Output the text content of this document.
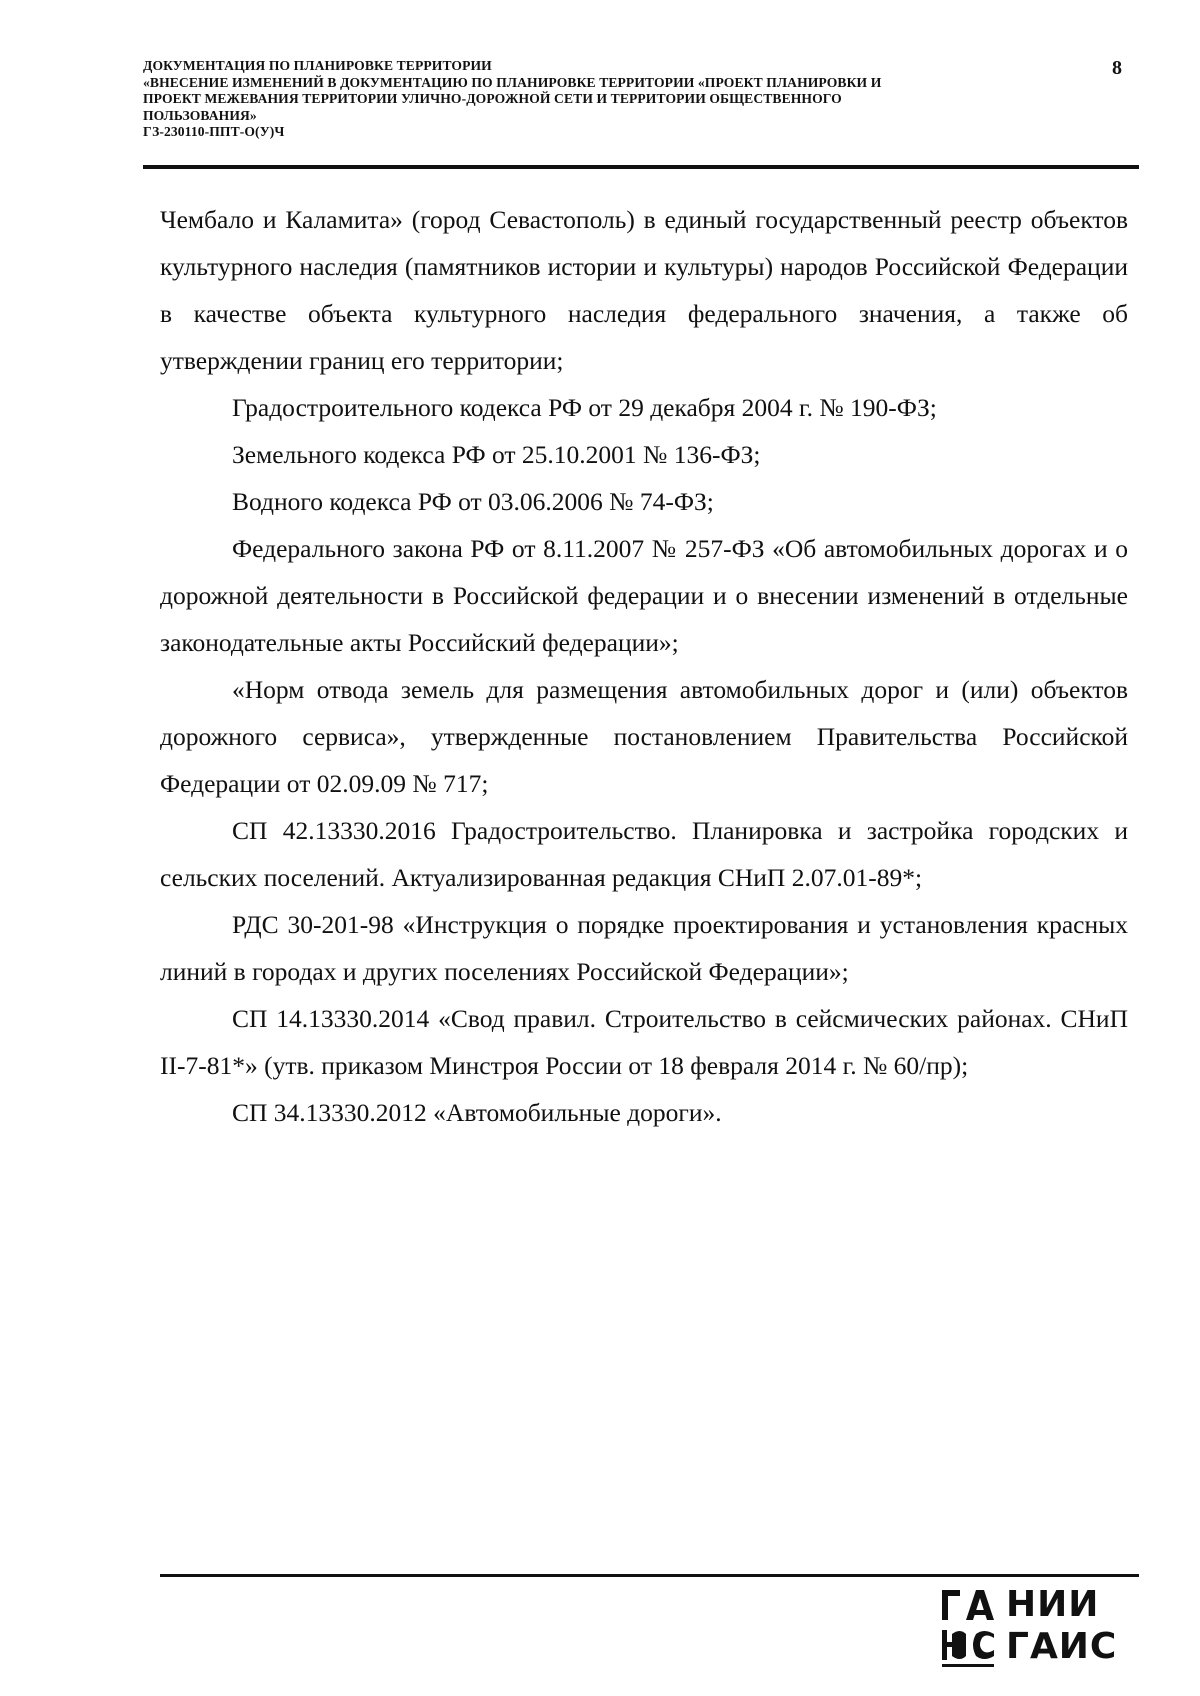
ДОКУМЕНТАЦИЯ ПО ПЛАНИРОВКЕ ТЕРРИТОРИИ
«ВНЕСЕНИЕ ИЗМЕНЕНИЙ В ДОКУМЕНТАЦИЮ ПО ПЛАНИРОВКЕ ТЕРРИТОРИИ «ПРОЕКТ ПЛАНИРОВКИ И
ПРОЕКТ МЕЖЕВАНИЯ ТЕРРИТОРИИ УЛИЧНО-ДОРОЖНОЙ СЕТИ И ТЕРРИТОРИИ ОБЩЕСТВЕННОГО
ПОЛЬЗОВАНИЯ»
ГЗ-230110-ППТ-О(У)Ч
8

Чембало и Каламита» (город Севастополь) в единый государственный реестр объектов культурного наследия (памятников истории и культуры) народов Российской Федерации в качестве объекта культурного наследия федерального значения, а также об утверждении границ его территории;

Градостроительного кодекса РФ от 29 декабря 2004 г. № 190-ФЗ;

Земельного кодекса РФ от 25.10.2001 № 136-ФЗ;

Водного кодекса РФ от 03.06.2006 № 74-ФЗ;

Федерального закона РФ от 8.11.2007 № 257-ФЗ «Об автомобильных дорогах и о дорожной деятельности в Российской федерации и о внесении изменений в отдельные законодательные акты Российский федерации»;

«Норм отвода земель для размещения автомобильных дорог и (или) объектов дорожного сервиса», утвержденные постановлением Правительства Российской Федерации от 02.09.09 № 717;

СП 42.13330.2016 Градостроительство. Планировка и застройка городских и сельских поселений. Актуализированная редакция СНиП 2.07.01-89*;

РДС 30-201-98 «Инструкция о порядке проектирования и установления красных линий в городах и других поселениях Российской Федерации»;

СП 14.13330.2014 «Свод правил. Строительство в сейсмических районах. СНиП II-7-81*» (утв. приказом Минстроя России от 18 февраля 2014 г. № 60/пр);

СП 34.13330.2012 «Автомобильные дороги».

НИИ
ГАИС
